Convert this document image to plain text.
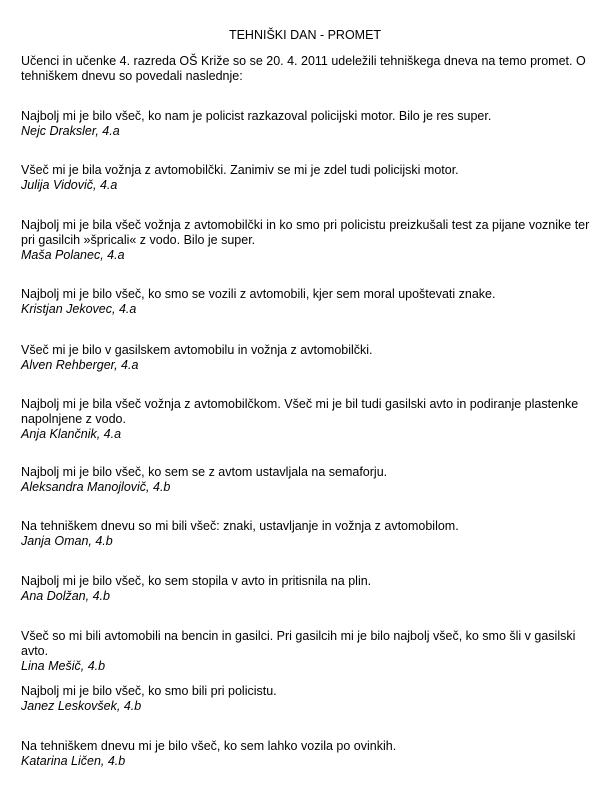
TEHNIŠKI DAN - PROMET
Učenci in učenke 4. razreda OŠ Križe so se 20. 4. 2011 udeležili tehniškega dneva na temo promet. O tehniškem dnevu so povedali naslednje:
Najbolj mi je bilo všeč, ko nam je policist razkazoval policijski motor. Bilo je res super.
Nejc Draksler, 4.a
Všeč mi je bila vožnja z avtomobilčki. Zanimiv se mi je zdel tudi policijski motor.
Julija Vidovič, 4.a
Najbolj mi je bila všeč vožnja z avtomobilčki in ko smo pri policistu preizkušali test za pijane voznike ter pri gasilcih »špricali« z vodo. Bilo je super.
Maša Polanec, 4.a
Najbolj mi je bilo všeč, ko smo se vozili z avtomobili, kjer sem moral upoštevati znake.
Kristjan Jekovec, 4.a
Všeč mi je bilo v gasilskem avtomobilu in vožnja z avtomobilčki.
Alven Rehberger, 4.a
Najbolj mi je bila všeč vožnja z avtomobilčkom. Všeč mi je bil tudi gasilski avto in podiranje plastenke napolnjene z vodo.
Anja Klančnik, 4.a
Najbolj mi je bilo všeč, ko sem se z avtom ustavljala na semaforju.
Aleksandra Manojlovič, 4.b
Na tehniškem dnevu so mi bili všeč: znaki, ustavljanje in vožnja z avtomobilom.
Janja Oman, 4.b
Najbolj mi je bilo všeč, ko sem stopila v avto in pritisnila na plin.
Ana Dolžan, 4.b
Všeč so mi bili avtomobili na bencin in gasilci. Pri gasilcih mi je bilo najbolj všeč, ko smo šli v gasilski avto.
Lina Mešič, 4.b
Najbolj mi je bilo všeč, ko smo bili pri policistu.
Janez Leskovšek, 4.b
Na tehniškem dnevu mi je bilo všeč, ko sem lahko vozila po ovinkih.
Katarina Ličen, 4.b
